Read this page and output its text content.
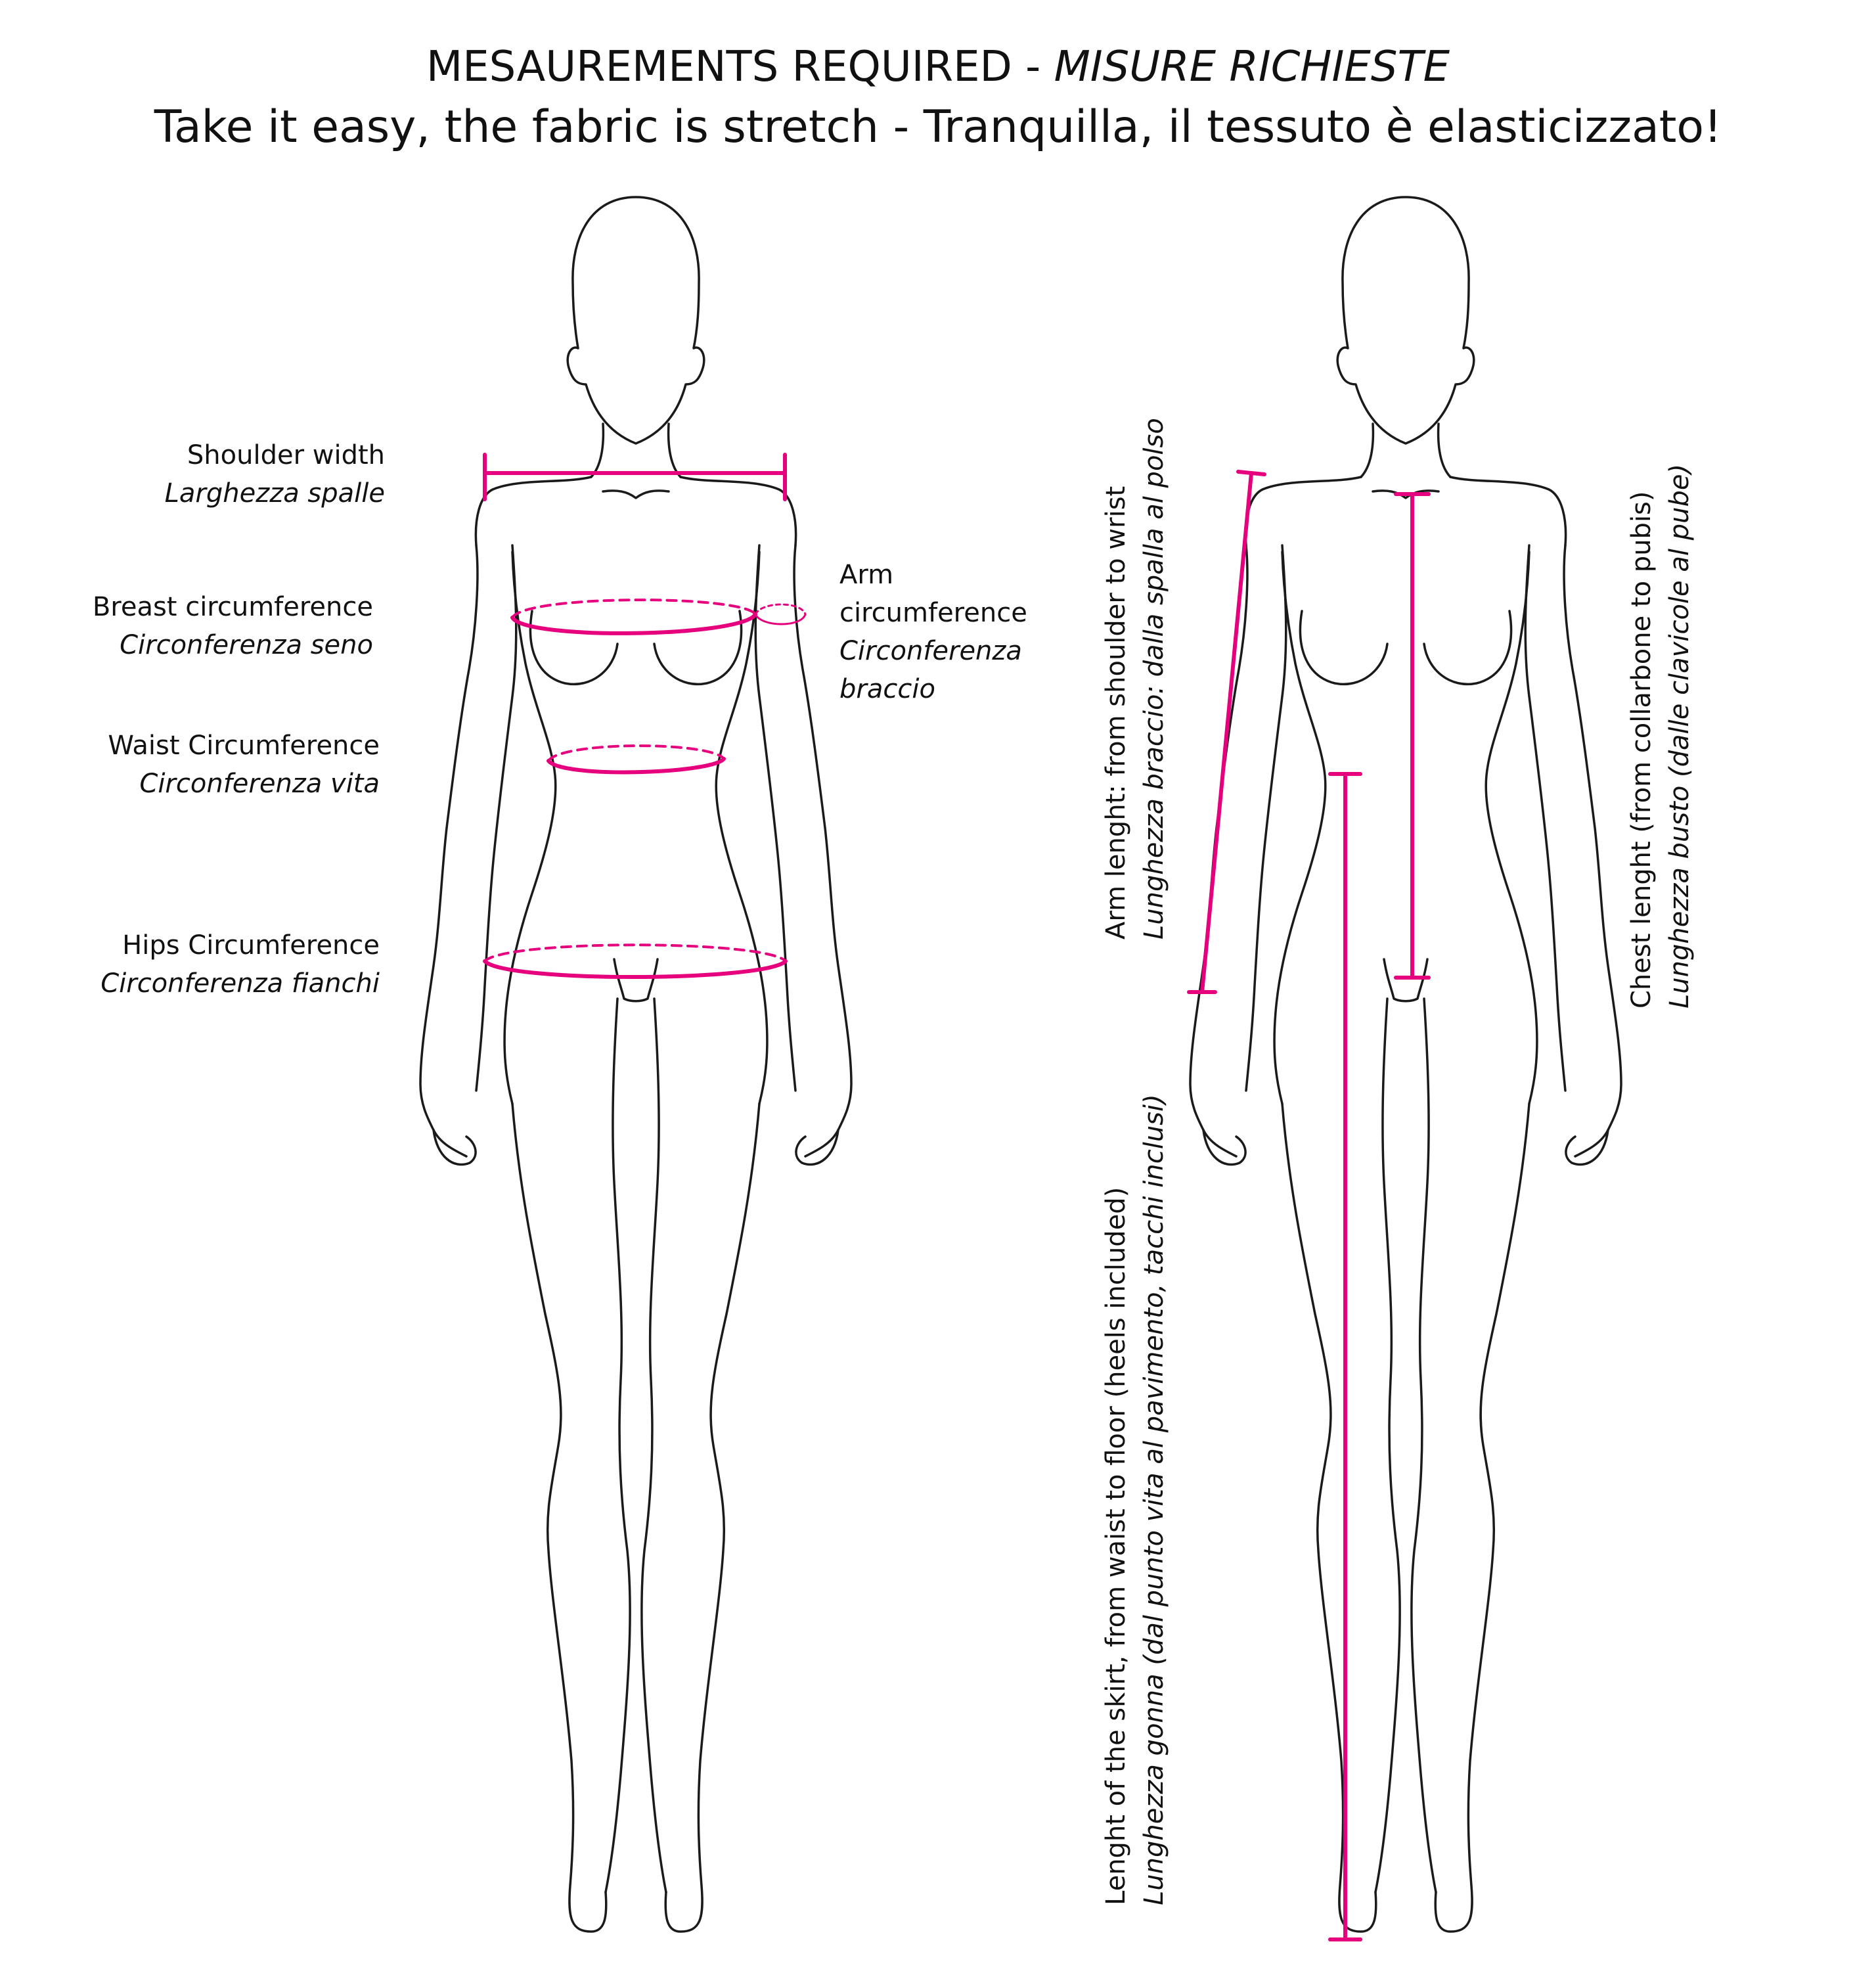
MESAUREMENTS REQUIRED - MISURE RICHIESTE
Take it easy, the fabric is stretch - Tranquilla, il tessuto è elasticizzato!
Shoulder width
Larghezza spalle
Breast circumference
Circonferenza seno
Arm
circumference
Circonferenza
braccio
Waist Circumference
Circonferenza vita
Hips Circumference
Circonferenza fianchi
Arm lenght: from shoulder to wrist Lunghezza braccio: dalla spalla al polso	Chest lenght (from collarbone to pubis) Lunghezza busto (dalle clavicole al pube)
Lenght of the skirt, from waist to floor (heels included) Lunghezza gonna (dal punto vita al pavimento, tacchi inclusi)
